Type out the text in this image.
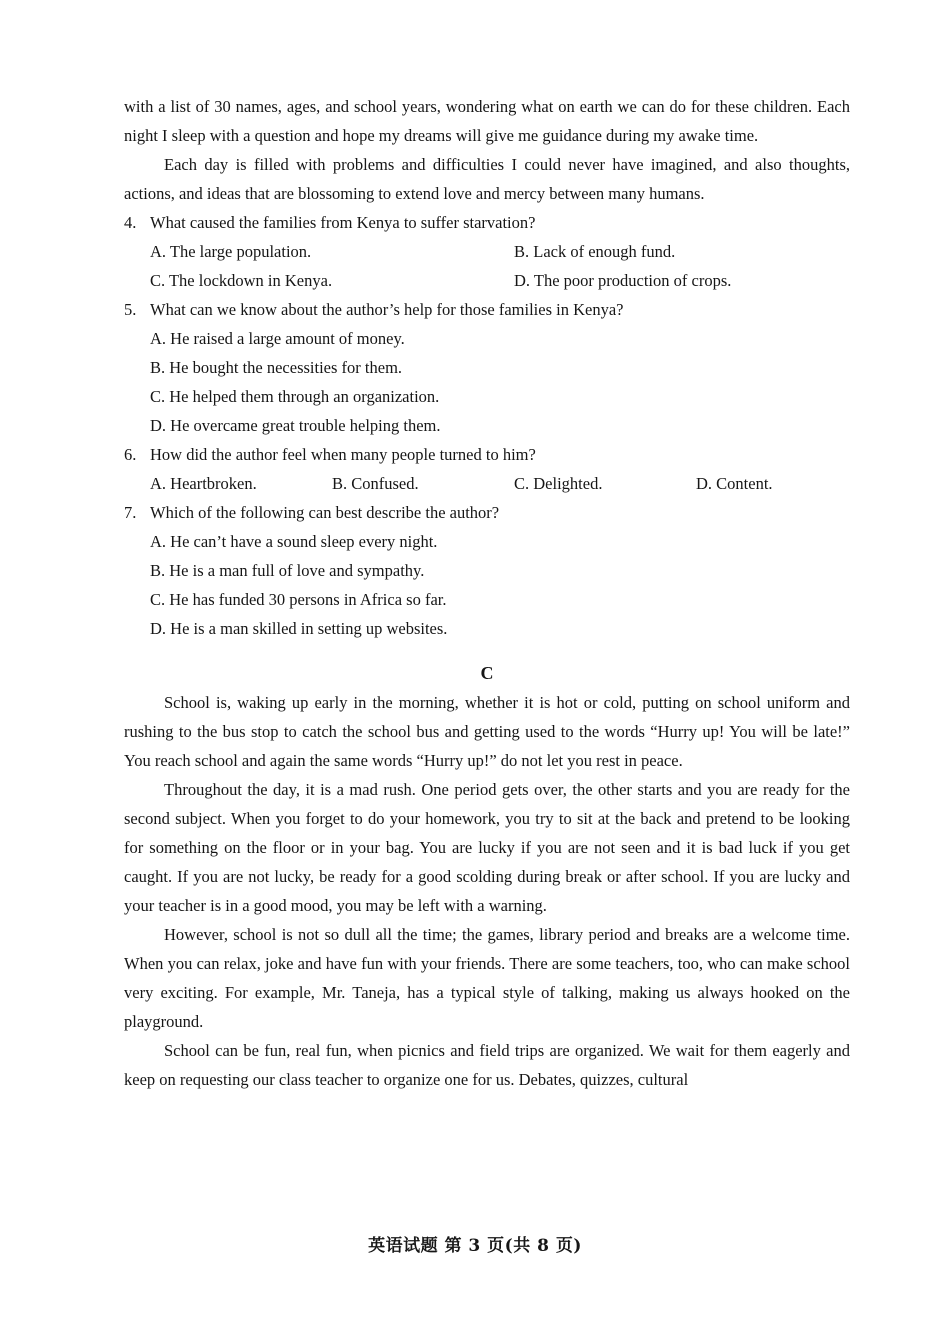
with a list of 30 names, ages, and school years, wondering what on earth we can do for these children. Each night I sleep with a question and hope my dreams will give me guidance during my awake time.

Each day is filled with problems and difficulties I could never have imagined, and also thoughts, actions, and ideas that are blossoming to extend love and mercy between many humans.

4. What caused the families from Kenya to suffer starvation?

A. The large population.	B. Lack of enough fund.
C. The lockdown in Kenya.	D. The poor production of crops.

5. What can we know about the author’s help for those families in Kenya?

A. He raised a large amount of money.

B. He bought the necessities for them.

C. He helped them through an organization.

D. He overcame great trouble helping them.

6. How did the author feel when many people turned to him?

A. Heartbroken.	B. Confused.	C. Delighted.	D. Content.

7. Which of the following can best describe the author?

A. He can’t have a sound sleep every night.

B. He is a man full of love and sympathy.

C. He has funded 30 persons in Africa so far.

D. He is a man skilled in setting up websites.

C

School is, waking up early in the morning, whether it is hot or cold, putting on school uniform and rushing to the bus stop to catch the school bus and getting used to the words “Hurry up! You will be late!” You reach school and again the same words “Hurry up!” do not let you rest in peace.

Throughout the day, it is a mad rush. One period gets over, the other starts and you are ready for the second subject. When you forget to do your homework, you try to sit at the back and pretend to be looking for something on the floor or in your bag. You are lucky if you are not seen and it is bad luck if you get caught. If you are not lucky, be ready for a good scolding during break or after school. If you are lucky and your teacher is in a good mood, you may be left with a warning.

However, school is not so dull all the time; the games, library period and breaks are a welcome time. When you can relax, joke and have fun with your friends. There are some teachers, too, who can make school very exciting. For example, Mr. Taneja, has a typical style of talking, making us always hooked on the playground.

School can be fun, real fun, when picnics and field trips are organized. We wait for them eagerly and keep on requesting our class teacher to organize one for us. Debates, quizzes, cultural

英语试题 第 3 页(共 8 页)
